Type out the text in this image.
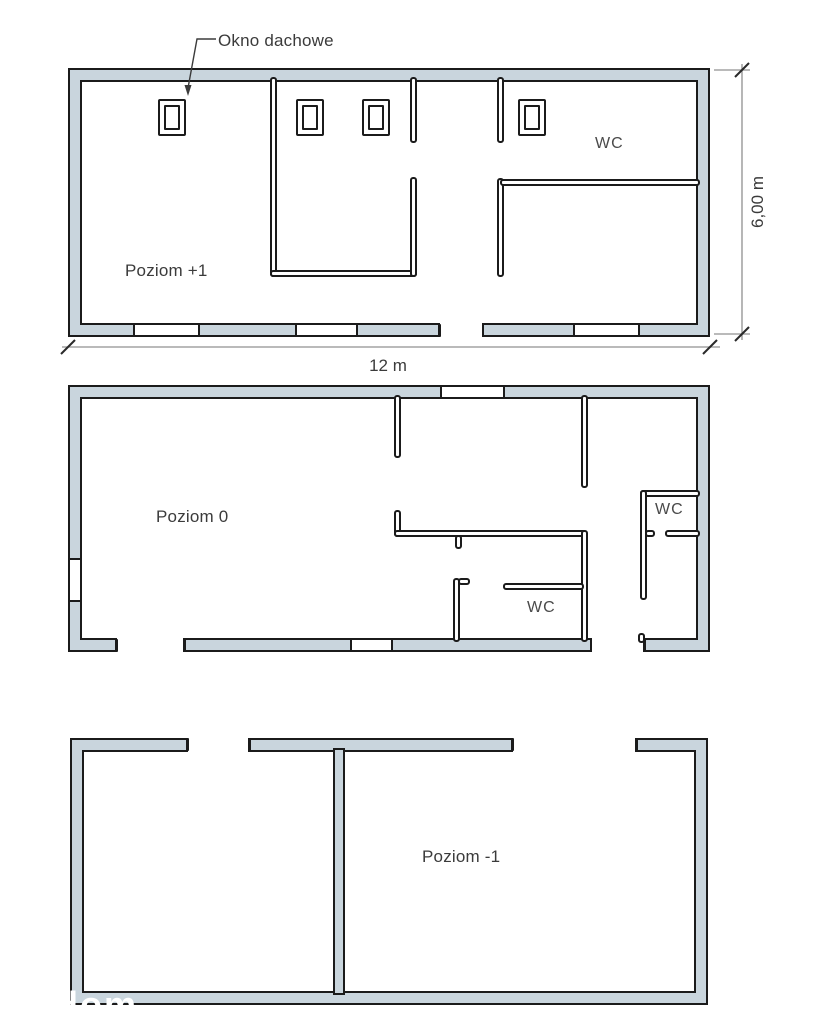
Poziom +1
WC
Poziom 0
WC
WC
Poziom -1
Okno dachowe
12 m
6,00 m
dom
